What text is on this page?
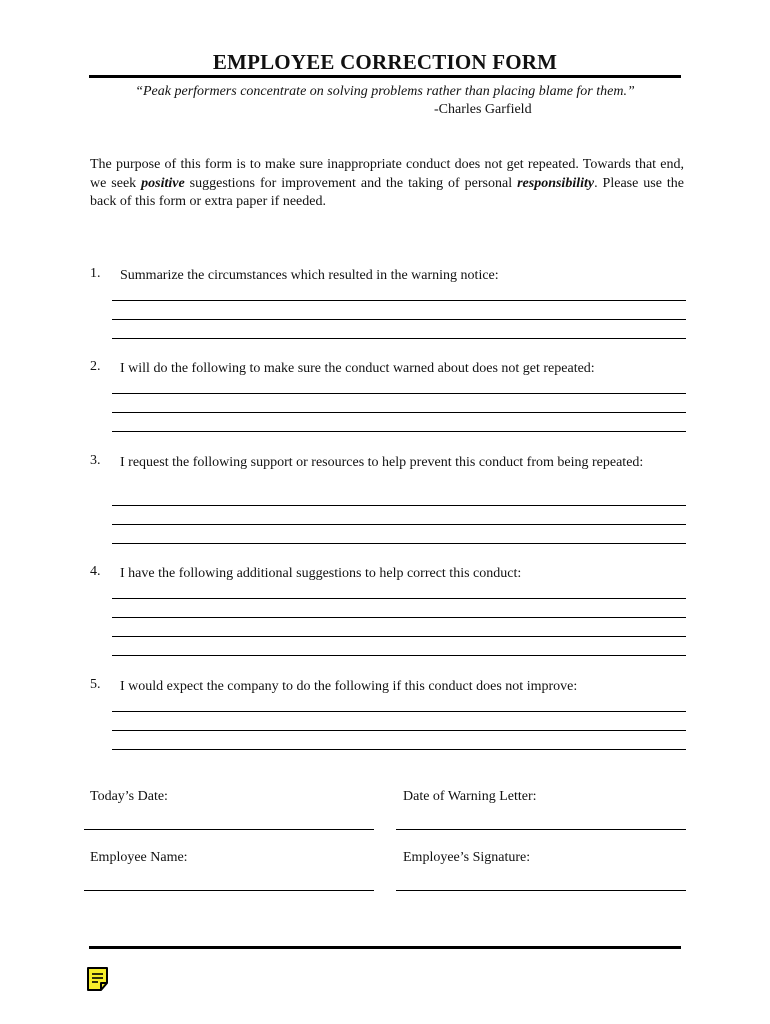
EMPLOYEE CORRECTION FORM
“Peak performers concentrate on solving problems rather than placing blame for them.”
-Charles Garfield
The purpose of this form is to make sure inappropriate conduct does not get repeated. Towards that end, we seek positive suggestions for improvement and the taking of personal responsibility. Please use the back of this form or extra paper if needed.
1. Summarize the circumstances which resulted in the warning notice:
2. I will do the following to make sure the conduct warned about does not get repeated:
3. I request the following support or resources to help prevent this conduct from being repeated:
4. I have the following additional suggestions to help correct this conduct:
5. I would expect the company to do the following if this conduct does not improve:
Today’s Date:	Date of Warning Letter:
Employee Name:	Employee’s Signature:
